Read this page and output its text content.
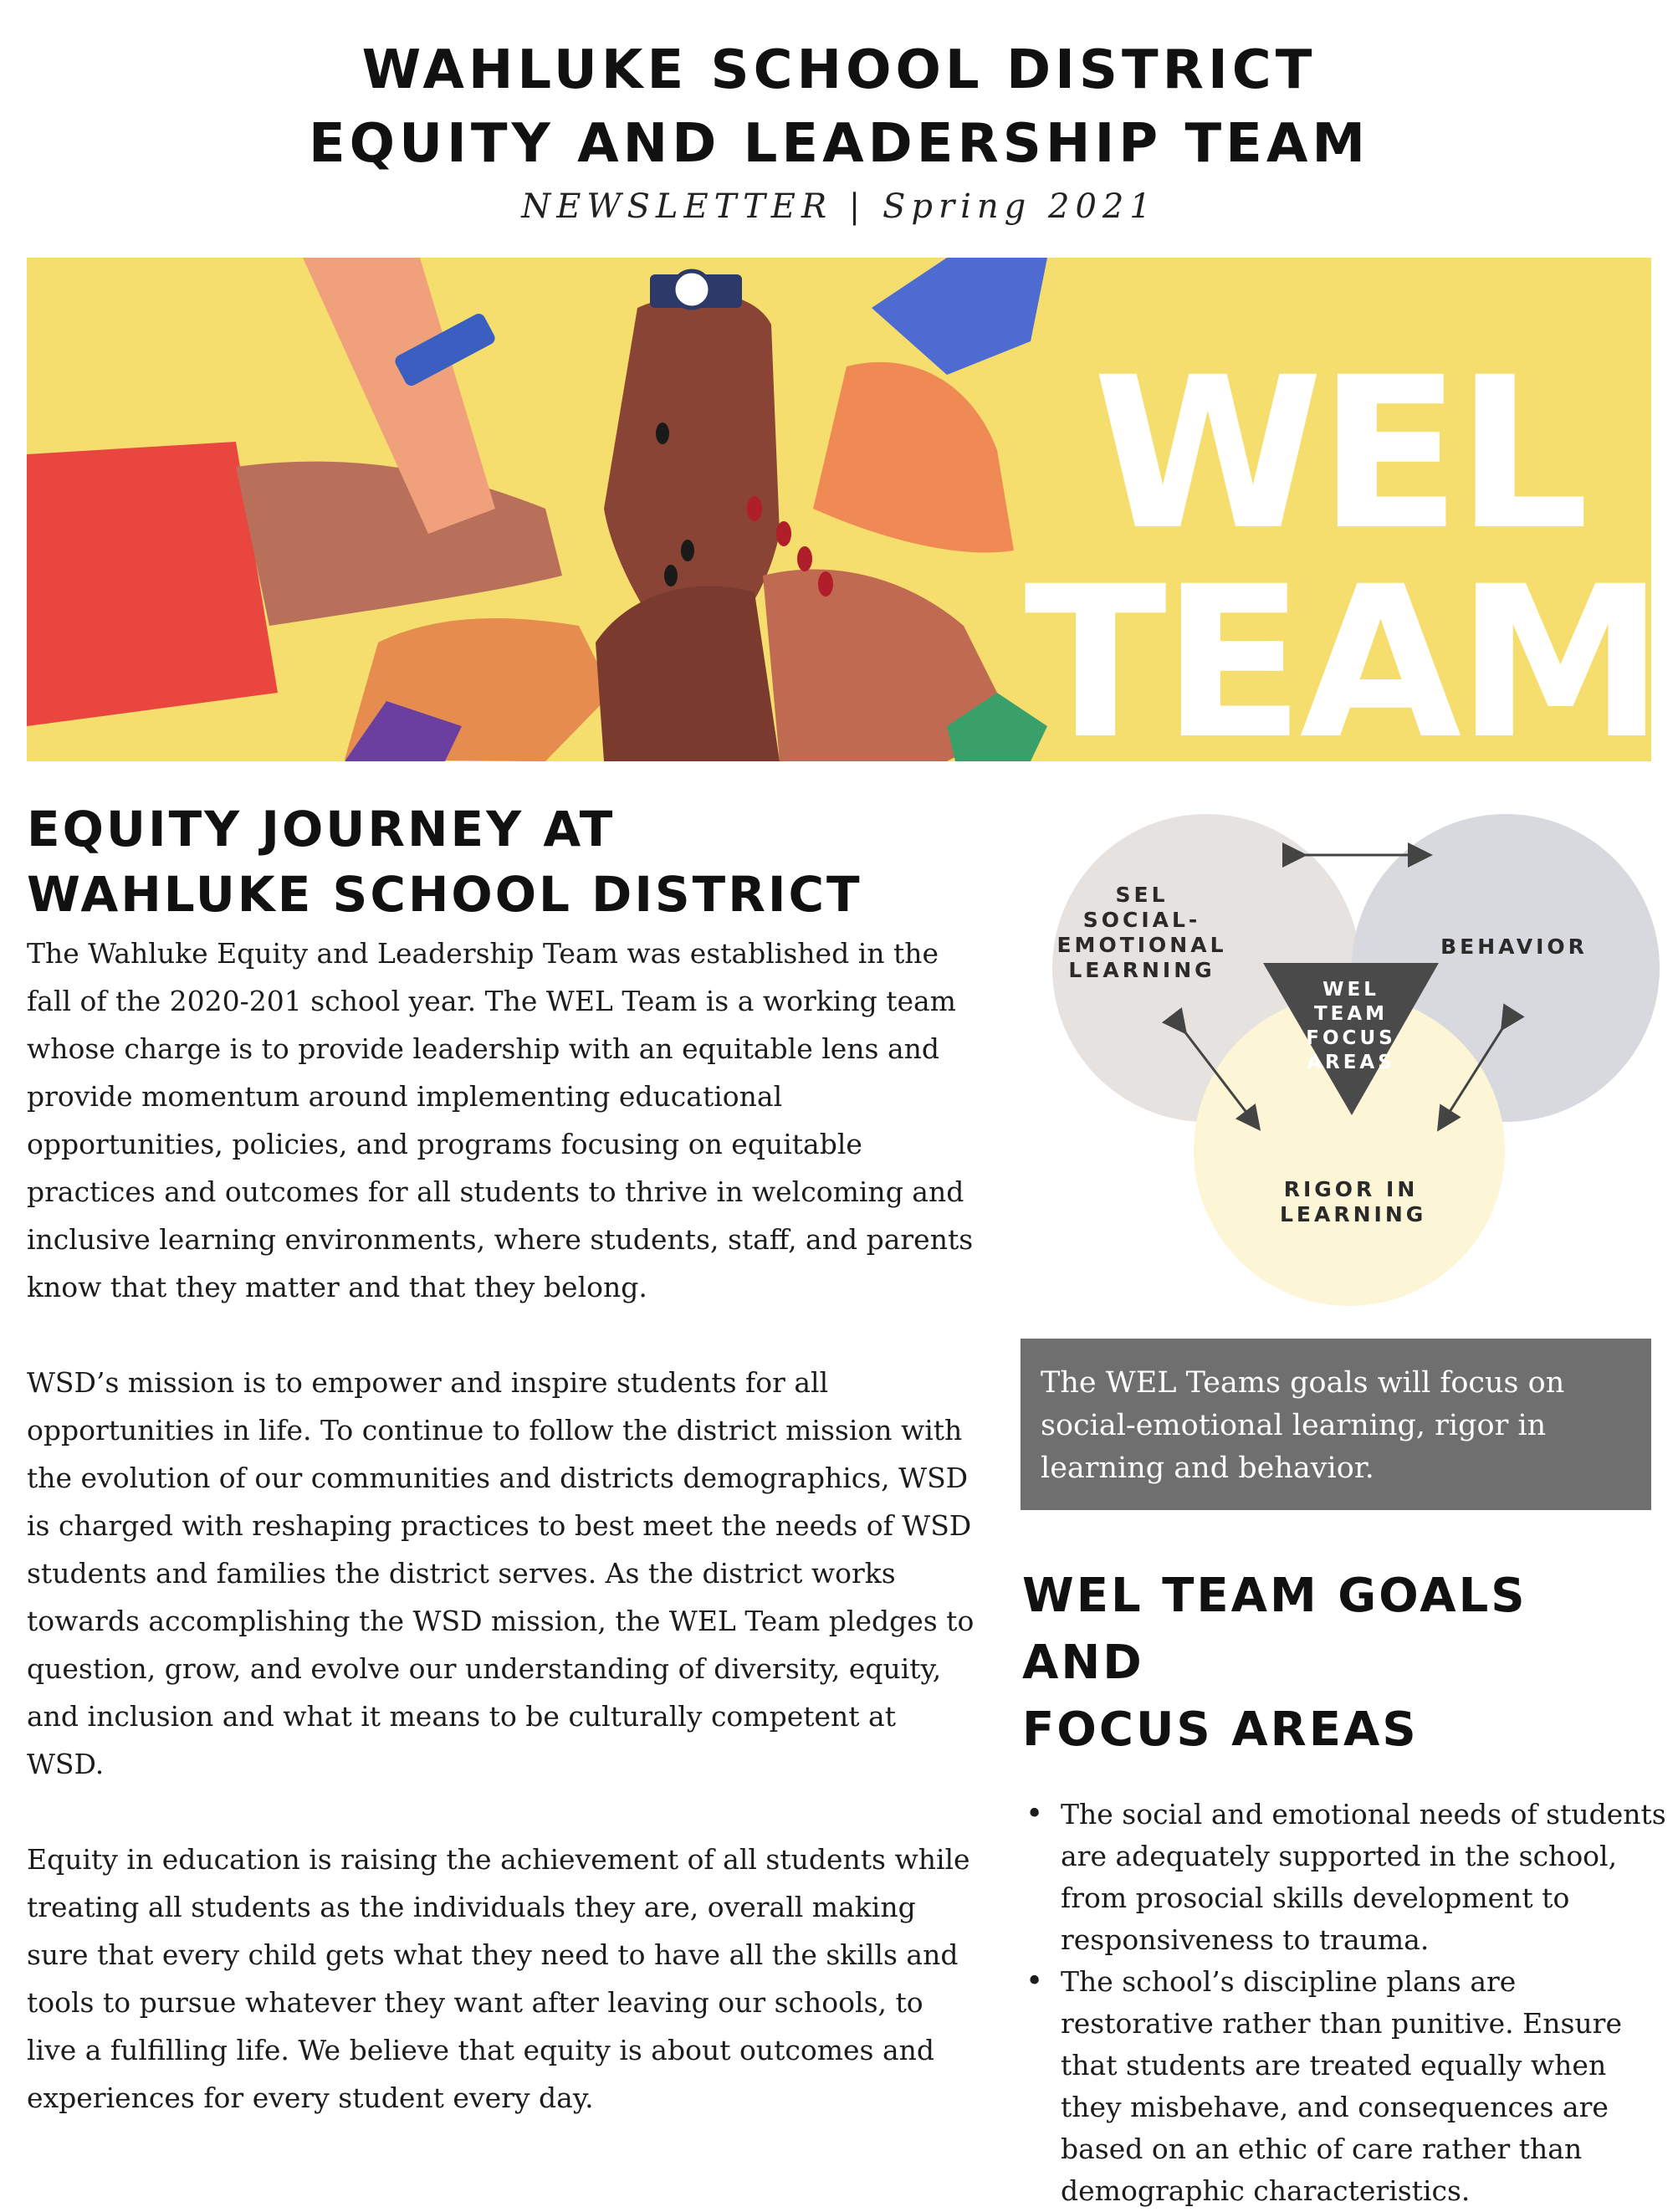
WAHLUKE SCHOOL DISTRICT
EQUITY AND LEADERSHIP TEAM
NEWSLETTER | Spring 2021
WEL
TEAM
EQUITY JOURNEY AT
WAHLUKE SCHOOL DISTRICT

The Wahluke Equity and Leadership Team was established in the fall of the 2020-201 school year. The WEL Team is a working team whose charge is to provide leadership with an equitable lens and provide momentum around implementing educational opportunities, policies, and programs focusing on equitable practices and outcomes for all students to thrive in welcoming and inclusive learning environments, where students, staff, and parents know that they matter and that they belong.

WSD’s mission is to empower and inspire students for all opportunities in life. To continue to follow the district mission with the evolution of our communities and districts demographics, WSD is charged with reshaping practices to best meet the needs of WSD students and families the district serves. As the district works towards accomplishing the WSD mission, the WEL Team pledges to question, grow, and evolve our understanding of diversity, equity, and inclusion and what it means to be culturally competent at WSD.

Equity in education is raising the achievement of all students while treating all students as the individuals they are, overall making sure that every child gets what they need to have all the skills and tools to pursue whatever they want after leaving our schools, to live a fulfilling life. We believe that equity is about outcomes and experiences for every student every day.

SEL
SOCIAL-
EMOTIONAL
LEARNING
BEHAVIOR
RIGOR IN
LEARNING
WEL TEAM
FOCUS
AREAS

The WEL Teams goals will focus on social-emotional learning, rigor in learning and behavior.

WEL TEAM GOALS AND
FOCUS AREAS
• The social and emotional needs of students are adequately supported in the school, from prosocial skills development to responsiveness to trauma.
• The school’s discipline plans are restorative rather than punitive. Ensure that students are treated equally when they misbehave, and consequences are based on an ethic of care rather than demographic characteristics.
